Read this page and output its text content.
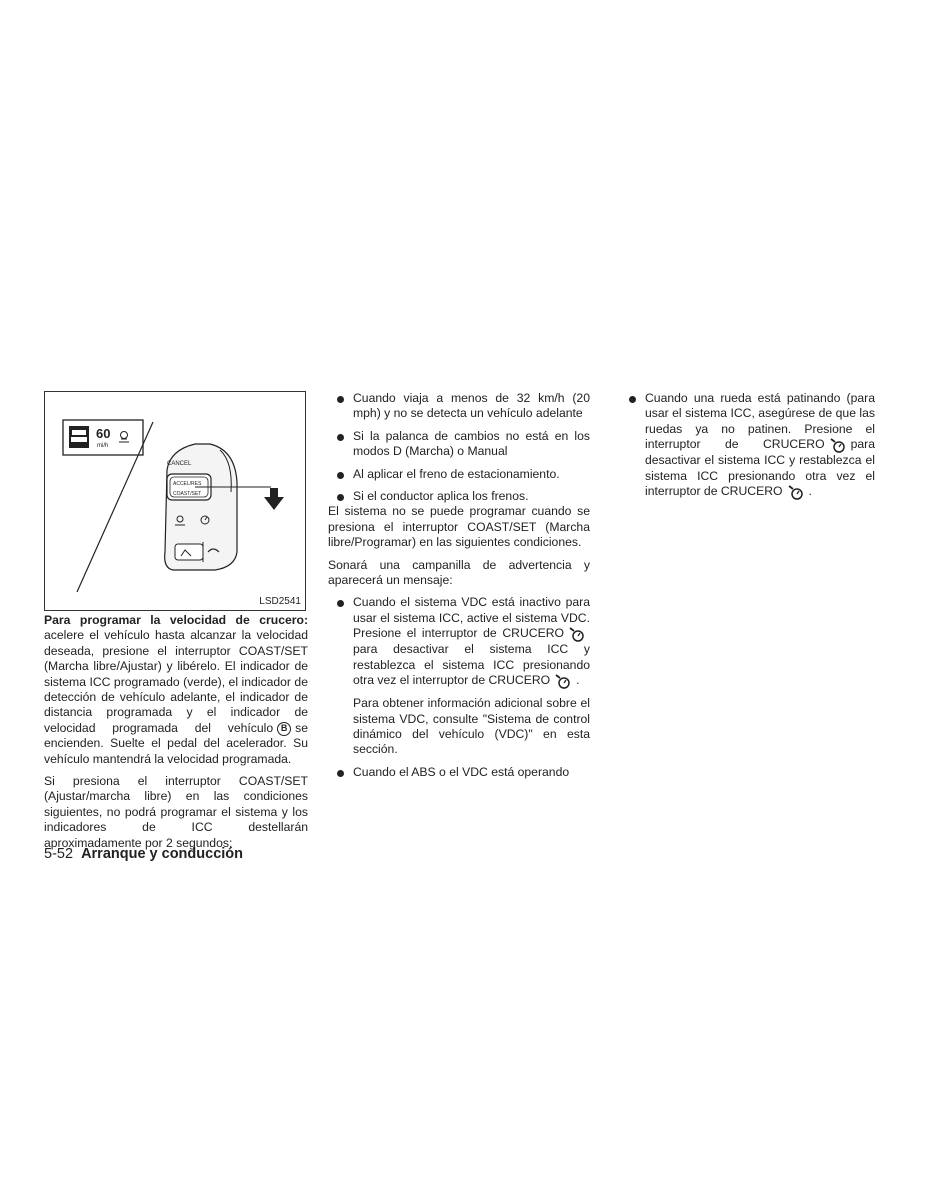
60
mi/h
CANCEL
ACCEL/RES
COAST/SET
LSD2541

Para programar la velocidad de crucero: acelere el vehículo hasta alcanzar la velocidad deseada, presione el interruptor COAST/SET (Marcha libre/Ajustar) y libérelo. El indicador de sistema ICC programado (verde), el indicador de detección de vehículo adelante, el indicador de distancia programada y el indicador de velocidad programada del vehículo B se encienden. Suelte el pedal del acelerador. Su vehículo mantendrá la velocidad programada.

Si presiona el interruptor COAST/SET (Ajustar/marcha libre) en las condiciones siguientes, no podrá programar el sistema y los indicadores de ICC destellarán aproximadamente por 2 segundos:

Cuando viaja a menos de 32 km/h (20 mph) y no se detecta un vehículo adelante

Si la palanca de cambios no está en los modos D (Marcha) o Manual

Al aplicar el freno de estacionamiento.

Si el conductor aplica los frenos.

El sistema no se puede programar cuando se presiona el interruptor COAST/SET (Marcha libre/Programar) en las siguientes condiciones.

Sonará una campanilla de advertencia y aparecerá un mensaje:

Cuando el sistema VDC está inactivo para usar el sistema ICC, active el sistema VDC. Presione el interruptor de CRUCEROpara desactivar el sistema ICC y restablezca el sistema ICC presionando otra vez el interruptor de CRUCERO .

Para obtener información adicional sobre el sistema VDC, consulte "Sistema de control dinámico del vehículo (VDC)" en esta sección.

Cuando el ABS o el VDC está operando

Cuando una rueda está patinando (para usar el sistema ICC, asegúrese de que las ruedas ya no patinen. Presione el interruptor de CRUCERO para desactivar el sistema ICC y restablezca el sistema ICC presionando otra vez el interruptor de CRUCERO .

5-52 Arranque y conducción
